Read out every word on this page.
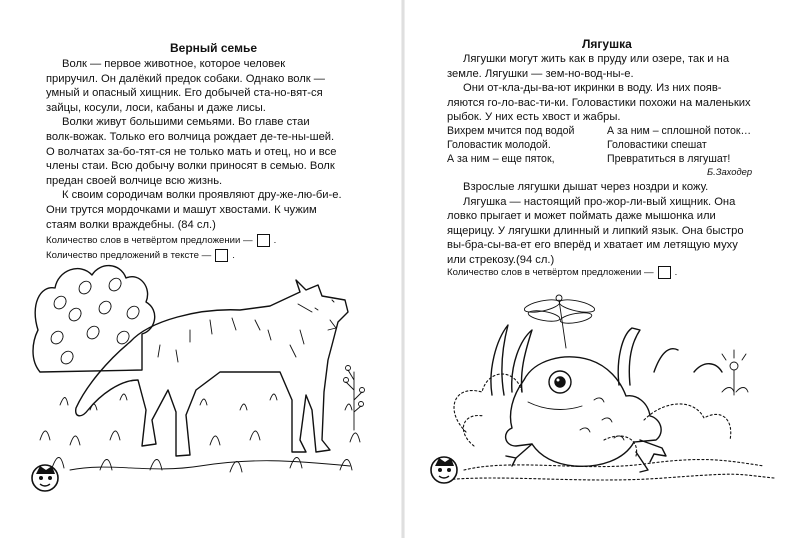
Верный семье

Волк — первое животное, которое человек

приручил. Он далёкий предок собаки. Однако волк —
умный и опасный хищник. Его добычей ста-но-вят-ся
зайцы, косули, лоси, кабаны и даже лисы.

Волки живут большими семьями. Во главе стаи

волк-вожак. Только его волчица рождает де-те-ны-шей.
О волчатах за-бо-тят-ся не только мать и отец, но и все
члены стаи. Всю добычу волки приносят в семью. Волк
предан своей волчице всю жизнь.

К своим сородичам волки проявляют дру-же-лю-би-е.

Они трутся мордочками и машут хвостами. К чужим
стаям волки враждебны. (84 сл.)
Количество слов в четвёртом предложении — .
Количество предложений в тексте — .
Лягушка

Лягушки могут жить как в пруду или озере, так и на

земле. Лягушки — зем-но-вод-ны-е.

Они от-кла-ды-ва-ют икринки в воду. Из них появ-

ляются го-ло-вас-ти-ки. Головастики похожи на маленьких
рыбок. У них есть хвост и жабры.
Вихрем мчится под водой
Головастик молодой.
А за ним – еще пяток,
А за ним – сплошной поток…
Головастики спешат
Превратиться в лягушат!
Б.Заходер

Взрослые лягушки дышат через ноздри и кожу.

Лягушка — настоящий про-жор-ли-вый хищник. Она

ловко прыгает и может поймать даже мышонка или
ящерицу. У лягушки длинный и липкий язык. Она быстро
вы-бра-сы-ва-ет его вперёд и хватает им летящую муху
или стрекозу.(94 сл.)
Количество слов в четвёртом предложении — .
